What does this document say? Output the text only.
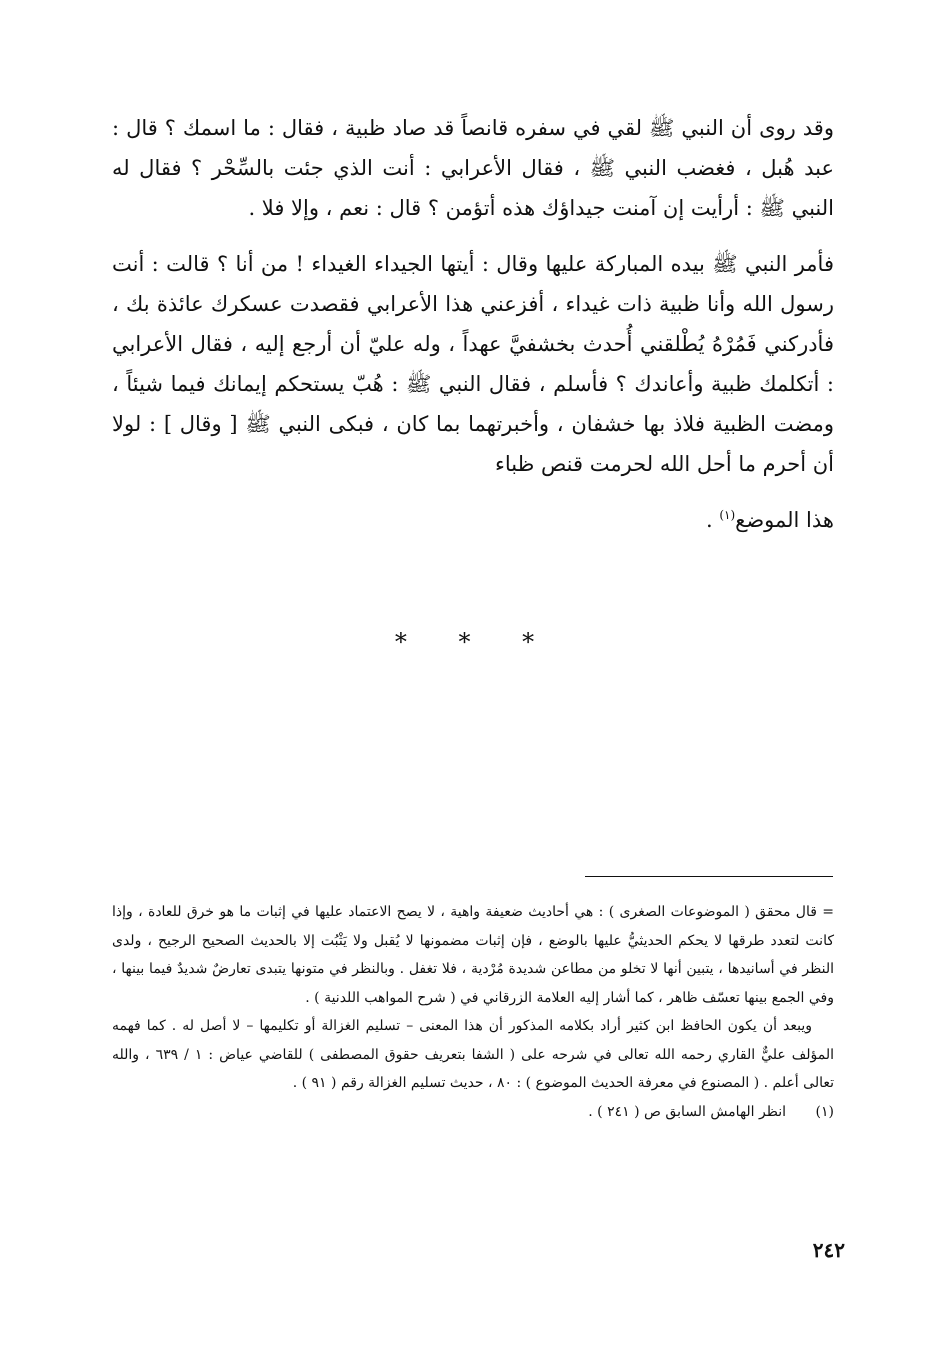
وقد روى أن النبي ﷺ لقي في سفره قانصاً قد صاد ظبية ، فقال : ما اسمك ؟ قال : عبد هُبل ، فغضب النبي ﷺ ، فقال الأعرابي : أنت الذي جئت بالسِّحْر ؟ فقال له النبي ﷺ : أرأيت إن آمنت جيداؤك هذه أتؤمن ؟ قال : نعم ، وإلا فلا .

فأمر النبي ﷺ بيده المباركة عليها وقال : أيتها الجيداء الغيداء ! من أنا ؟ قالت : أنت رسول الله وأنا ظبية ذات غيداء ، أفزعني هذا الأعرابي فقصدت عسكرك عائذة بك ، فأدركني فَمُرْهُ يُطْلقني أُحدث بخشفيَّ عهداً ، وله عليّ أن أرجع إليه ، فقال الأعرابي : أتكلمك ظبية وأعاندك ؟ فأسلم ، فقال النبي ﷺ : هُبّ يستحكم إيمانك فيما شيئاً ، ومضت الظبية فلاذ بها خشفان ، وأخبرتهما بما كان ، فبكى النبي ﷺ [ وقال ] : لولا أن أحرم ما أحل الله لحرمت قنص ظباء

هذا الموضع$^{(١)}$ .

* * *

= قال محقق ( الموضوعات الصغرى ) : هي أحاديث ضعيفة واهية ، لا يصح الاعتماد عليها في إثبات ما هو خرق للعادة ، وإذا كانت لتعدد طرقها لا يحكم الحديثيُّ عليها بالوضع ، فإن إثبات مضمونها لا يُقبل ولا يَثْبُت إلا بالحديث الصحيح الرجيح ، ولدى النظر في أسانيدها ، يتبين أنها لا تخلو من مطاعن شديدة مُرْدية ، فلا تغفل . وبالنظر في متونها يتبدى تعارضٌ شديدٌ فيما بينها ، وفي الجمع بينها تعسّف ظاهر ، كما أشار إليه العلامة الزرقاني في ( شرح المواهب اللدنية ) .

ويبعد أن يكون الحافظ ابن كثير أراد بكلامه المذكور أن هذا المعنى – تسليم الغزالة أو تكليمها – لا أصل له . كما فهمه المؤلف عليٌّ القاري رحمه الله تعالى في شرحه على ( الشفا بتعريف حقوق المصطفى ) للقاضي عياض : ١ / ٦٣٩ ، والله تعالى أعلم . ( المصنوع في معرفة الحديث الموضوع ) : ٨٠ ، حديث تسليم الغزالة رقم ( ٩١ ) .

(١)
انظر الهامش السابق ص ( ٢٤١ ) .
٢٤٢
